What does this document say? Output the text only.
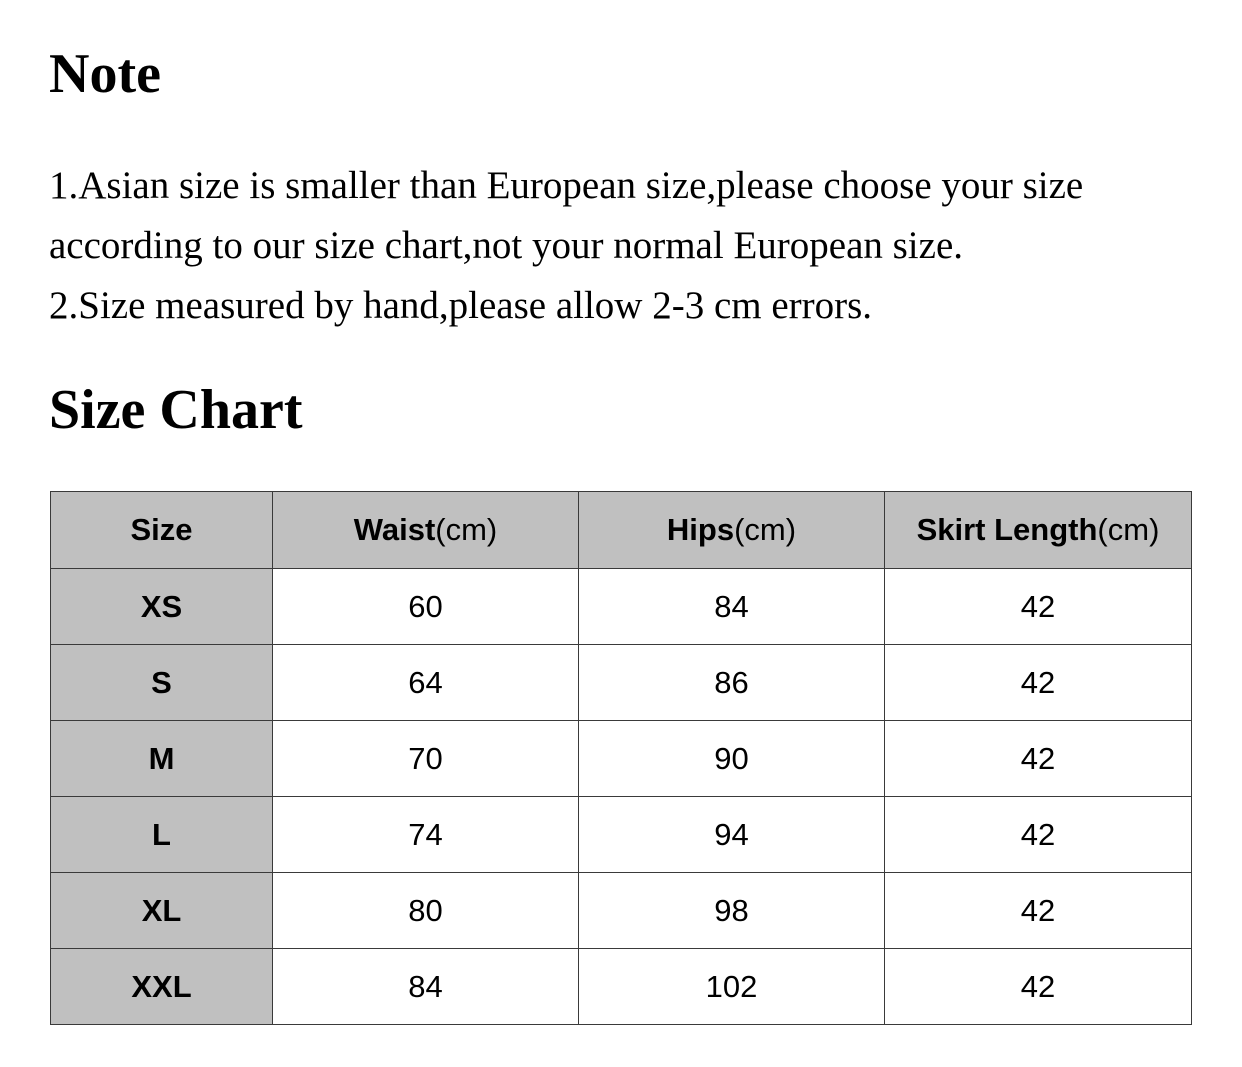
Note
1.Asian size is smaller than European size,please choose your size
according to our size chart,not your normal European size.
2.Size measured by hand,please allow 2-3 cm errors.
Size Chart
Size	Waist(cm)	Hips(cm)	Skirt Length(cm)
XS	60	84	42
S	64	86	42
M	70	90	42
L	74	94	42
XL	80	98	42
XXL	84	102	42
